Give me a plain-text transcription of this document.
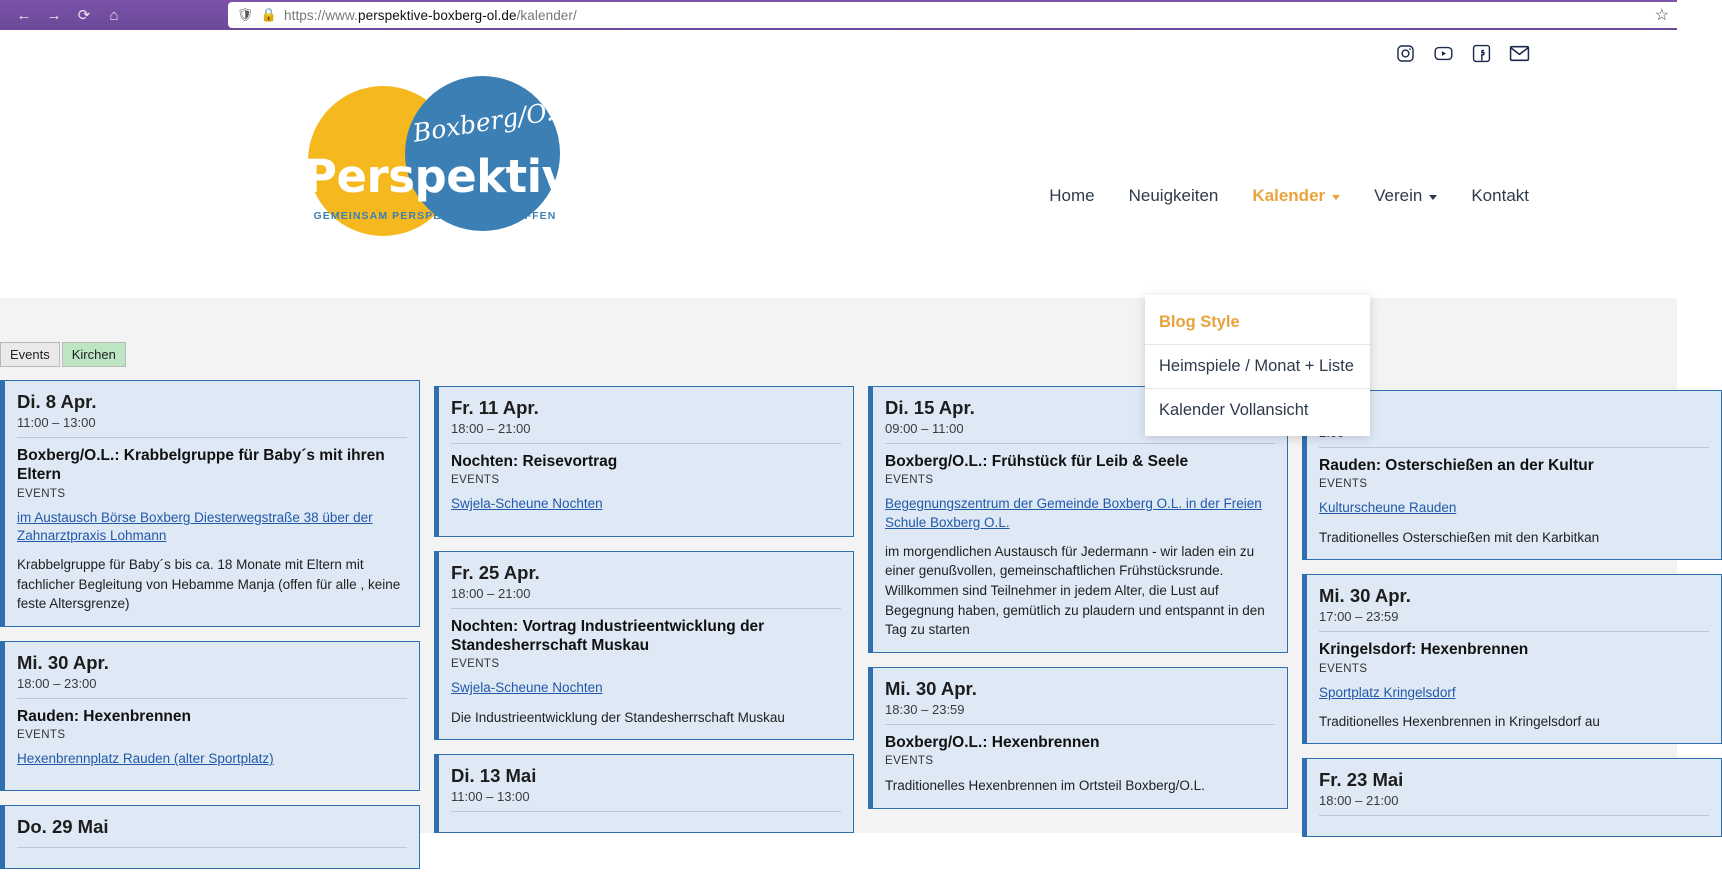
←	→	⟳	⌂	🛡 🔒 https://www.perspektive-boxberg-ol.de/kalender/	☆
Boxberg/O.L.
Perspektive
GEMEINSAM PERSPEKTIVEN SCHAFFEN
Home Neuigkeiten Kalender	Verein	Kontakt
Events	Kirchen
Di. 8 Apr.
11:00 – 13:00
Boxberg/O.L.: Krabbelgruppe für Baby´s mit ihren Eltern
EVENTS
im Austausch Börse Boxberg Diesterwegstraße 38 über der Zahnarztpraxis Lohmann
Krabbelgruppe für Baby´s bis ca. 18 Monate mit Eltern mit fachlicher Begleitung von Hebamme Manja (offen für alle , keine feste Altersgrenze)
Mi. 30 Apr.
18:00 – 23:00
Rauden: Hexenbrennen
EVENTS
Hexenbrennplatz Rauden (alter Sportplatz)
Do. 29 Mai
Fr. 11 Apr.
18:00 – 21:00
Nochten: Reisevortrag
EVENTS
Swjela-Scheune Nochten
Fr. 25 Apr.
18:00 – 21:00
Nochten: Vortrag Industrieentwicklung der Standesherrschaft Muskau
EVENTS
Swjela-Scheune Nochten
Die Industrieentwicklung der Standesherrschaft Muskau
Di. 13 Mai
11:00 – 13:00
Di. 15 Apr.
09:00 – 11:00
Boxberg/O.L.: Frühstück für Leib & Seele
EVENTS
Begegnungszentrum der Gemeinde Boxberg O.L. in der Freien Schule Boxberg O.L.
im morgendlichen Austausch für Jedermann - wir laden ein zu einer genußvollen, gemeinschaftlichen Frühstücksrunde. Willkommen sind Teilnehmer in jedem Alter, die Lust auf Begegnung haben, gemütlich zu plaudern und entspannt in den Tag zu starten
Mi. 30 Apr.
18:30 – 23:59
Boxberg/O.L.: Hexenbrennen
EVENTS
Traditionelles Hexenbrennen im Ortsteil Boxberg/O.L.
Rauden: Osterschießen an der Kultur
EVENTS
Kulturscheune Rauden
Traditionelles Osterschießen mit den Karbitkan
Mi. 30 Apr.
17:00 – 23:59
Kringelsdorf: Hexenbrennen
EVENTS
Sportplatz Kringelsdorf
Traditionelles Hexenbrennen in Kringelsdorf au
Fr. 23 Mai
18:00 – 21:00
Blog Style
Heimspiele / Monat + Liste
Kalender Vollansicht
